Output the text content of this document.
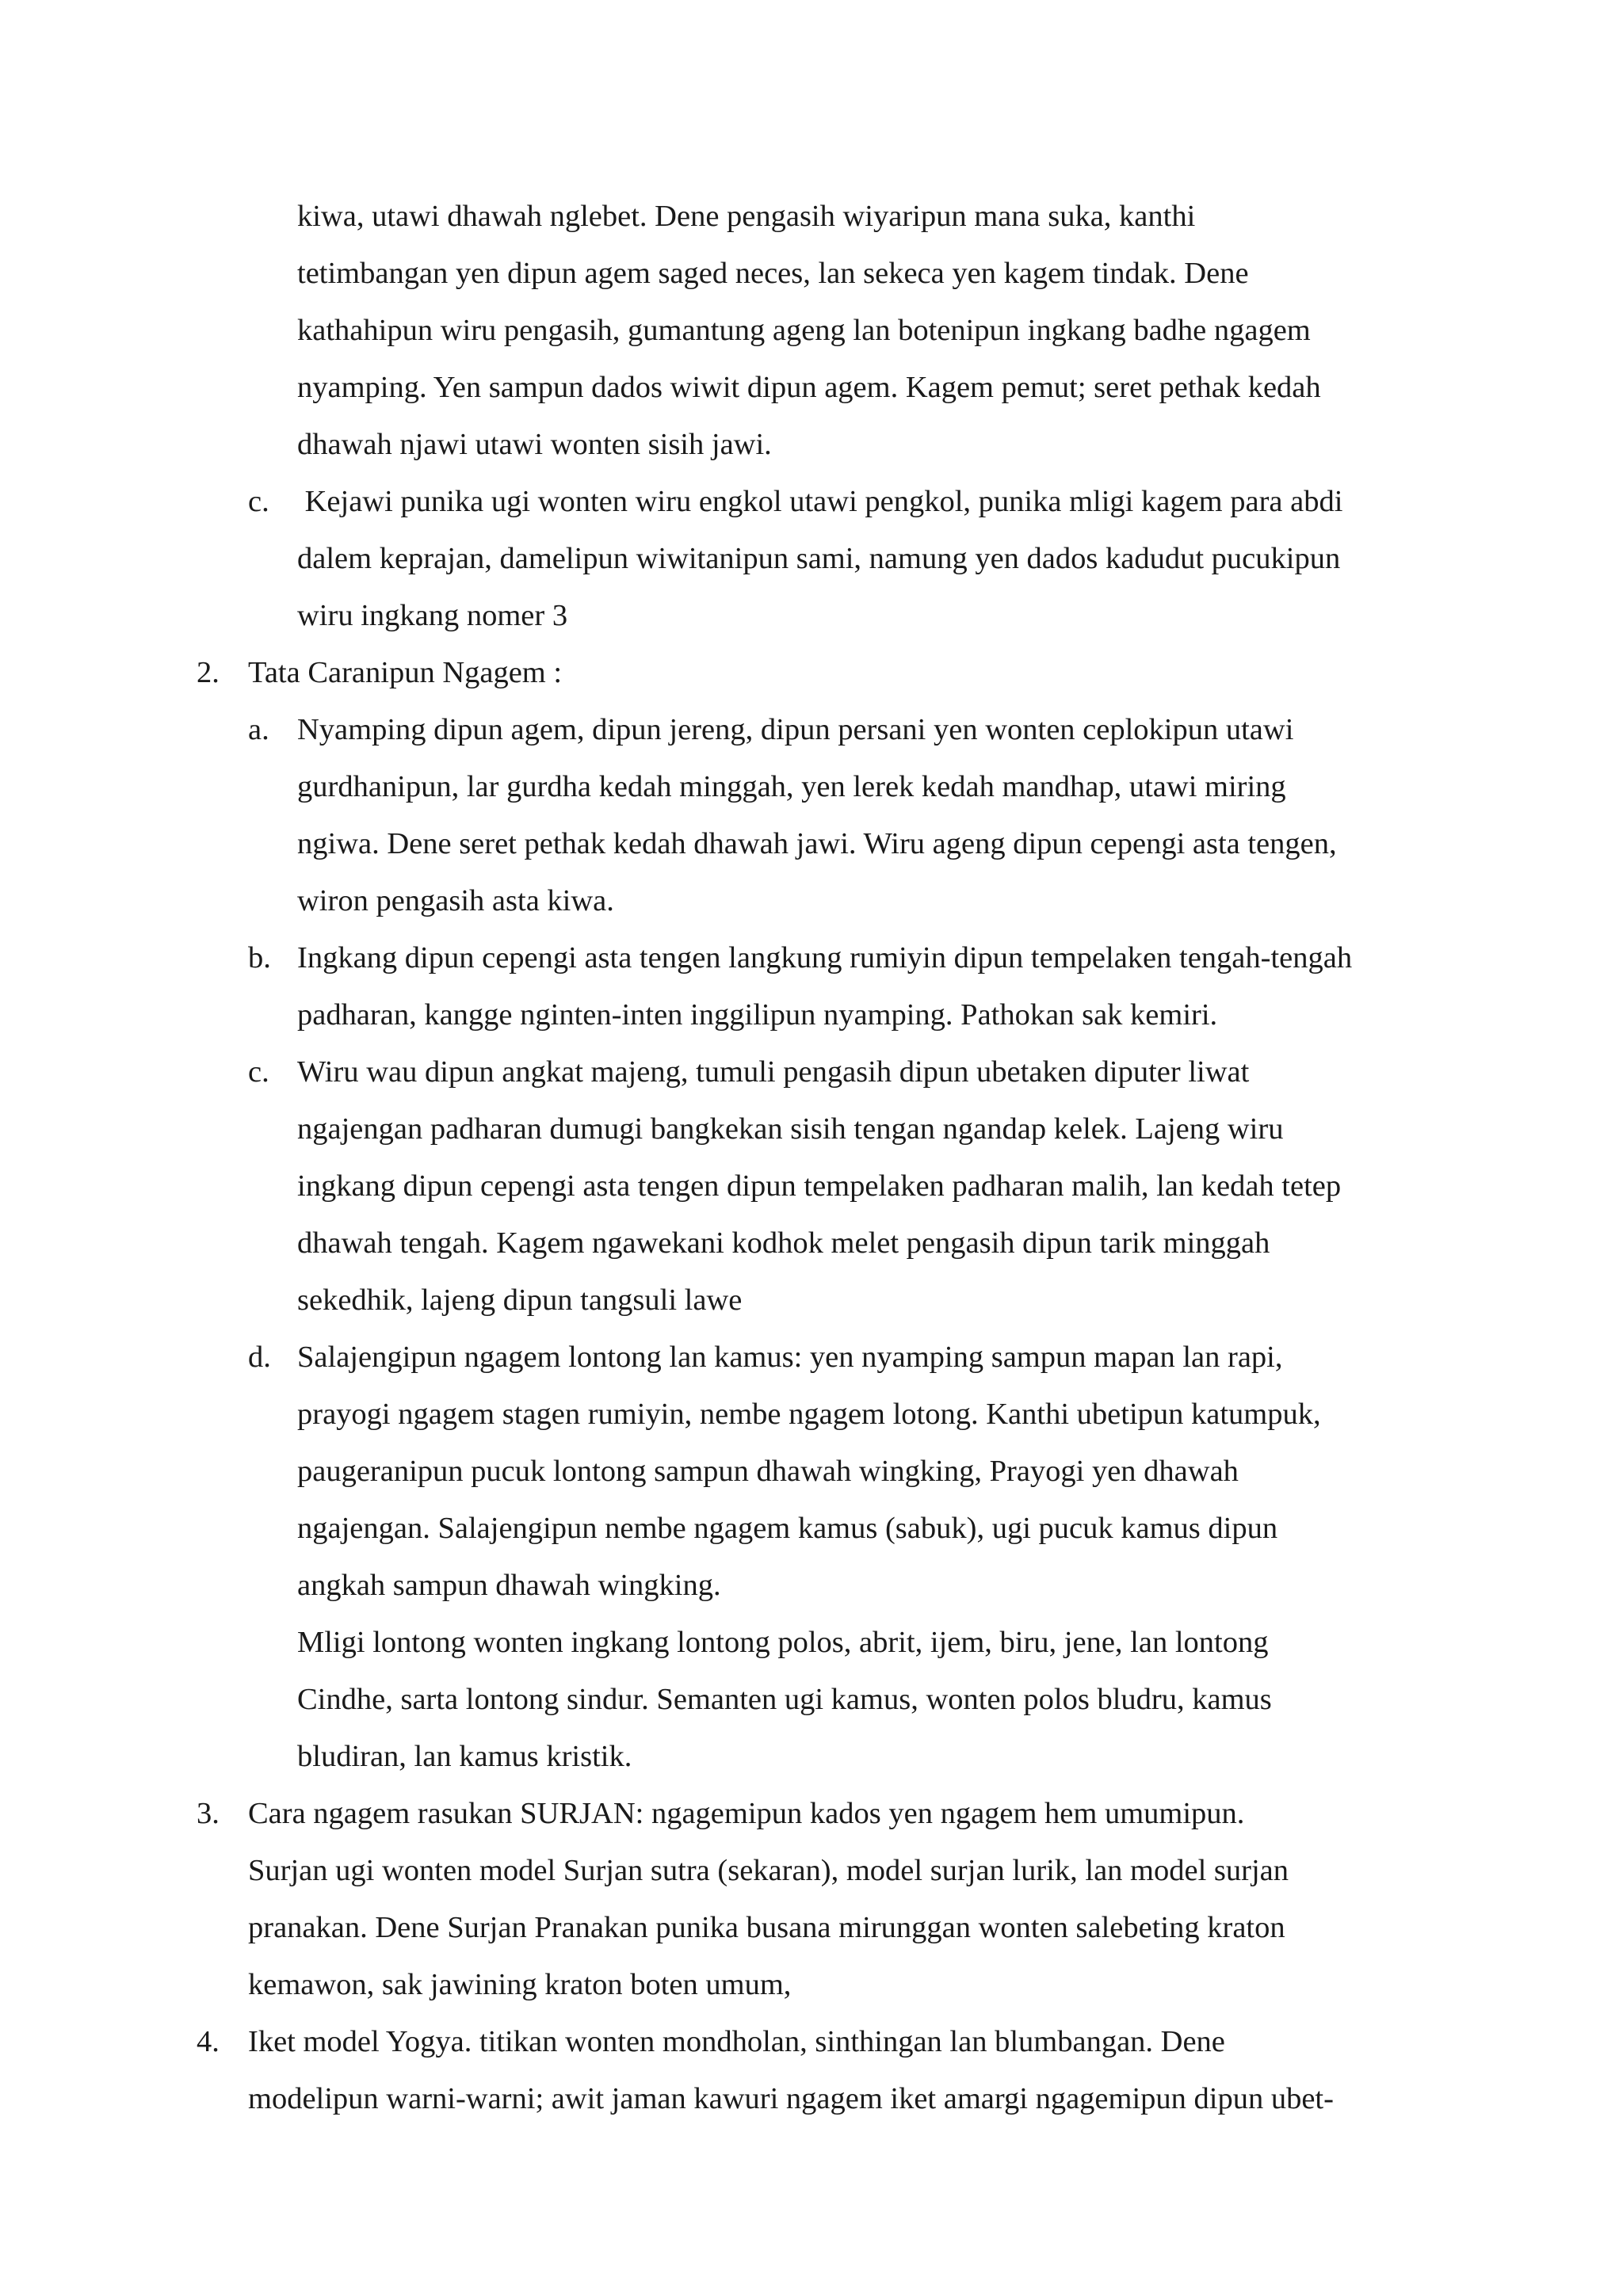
kiwa, utawi dhawah nglebet. Dene pengasih wiyaripun mana suka, kanthi
tetimbangan yen dipun agem saged neces, lan sekeca yen kagem tindak. Dene
kathahipun wiru pengasih, gumantung ageng lan botenipun ingkang badhe ngagem
nyamping. Yen sampun dados wiwit dipun agem. Kagem pemut; seret pethak kedah
dhawah njawi utawi wonten sisih jawi.
c. Kejawi punika ugi wonten wiru engkol utawi pengkol, punika mligi kagem para abdi
dalem keprajan, damelipun wiwitanipun sami, namung yen dados kadudut pucukipun
wiru ingkang nomer 3
2. Tata Caranipun Ngagem :
a. Nyamping dipun agem, dipun jereng, dipun persani yen wonten ceplokipun utawi
gurdhanipun, lar gurdha kedah minggah, yen lerek kedah mandhap, utawi miring
ngiwa. Dene seret pethak kedah dhawah jawi. Wiru ageng dipun cepengi asta tengen,
wiron pengasih asta kiwa.
b. Ingkang dipun cepengi asta tengen langkung rumiyin dipun tempelaken tengah-tengah
padharan, kangge nginten-inten inggilipun nyamping. Pathokan sak kemiri.
c. Wiru wau dipun angkat majeng, tumuli pengasih dipun ubetaken diputer liwat
ngajengan padharan dumugi bangkekan sisih tengan ngandap kelek. Lajeng wiru
ingkang dipun cepengi asta tengen dipun tempelaken padharan malih, lan kedah tetep
dhawah tengah. Kagem ngawekani kodhok melet pengasih dipun tarik minggah
sekedhik, lajeng dipun tangsuli lawe
d. Salajengipun ngagem lontong lan kamus: yen nyamping sampun mapan lan rapi,
prayogi ngagem stagen rumiyin, nembe ngagem lotong. Kanthi ubetipun katumpuk,
paugeranipun pucuk lontong sampun dhawah wingking, Prayogi yen dhawah
ngajengan. Salajengipun nembe ngagem kamus (sabuk), ugi pucuk kamus dipun
angkah sampun dhawah wingking.
Mligi lontong wonten ingkang lontong polos, abrit, ijem, biru, jene, lan lontong
Cindhe, sarta lontong sindur. Semanten ugi kamus, wonten polos bludru, kamus
bludiran, lan kamus kristik.
3. Cara ngagem rasukan SURJAN: ngagemipun kados yen ngagem hem umumipun.
Surjan ugi wonten model Surjan sutra (sekaran), model surjan lurik, lan model surjan
pranakan. Dene Surjan Pranakan punika busana mirunggan wonten salebeting kraton
kemawon, sak jawining kraton boten umum,
4. Iket model Yogya. titikan wonten mondholan, sinthingan lan blumbangan. Dene
modelipun warni-warni; awit jaman kawuri ngagem iket amargi ngagemipun dipun ubet-
